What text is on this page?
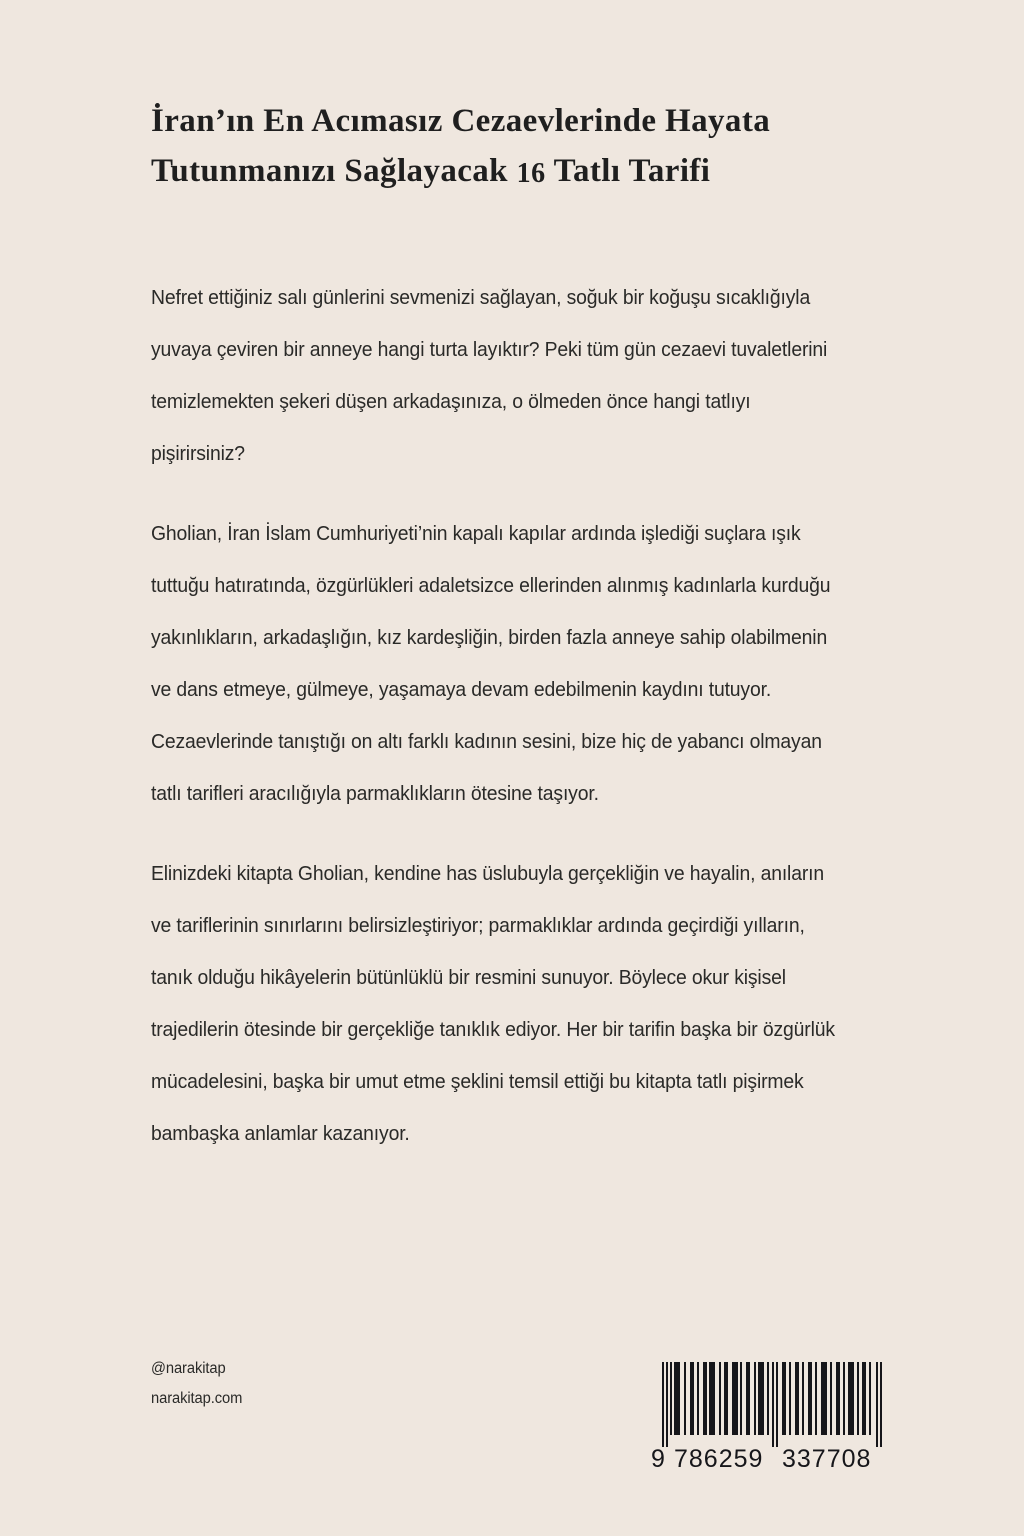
İran’ın En Acımasız Cezaevlerinde Hayata
Tutunmanızı Sağlayacak 16 Tatlı Tarifi

Nefret ettiğiniz salı günlerini sevmenizi sağlayan, soğuk bir koğuşu sıcaklığıyla yuvaya çeviren bir anneye hangi turta layıktır? Peki tüm gün cezaevi tuvaletlerini temizlemekten şekeri düşen arkadaşınıza, o ölmeden önce hangi tatlıyı pişirirsiniz?

Gholian, İran İslam Cumhuriyeti’nin kapalı kapılar ardında işlediği suçlara ışık tuttuğu hatıratında, özgürlükleri adaletsizce ellerinden alınmış kadınlarla kurduğu yakınlıkların, arkadaşlığın, kız kardeşliğin, birden fazla anneye sahip olabilmenin ve dans etmeye, gülmeye, yaşamaya devam edebilmenin kaydını tutuyor. Cezaevlerinde tanıştığı on altı farklı kadının sesini, bize hiç de yabancı olmayan tatlı tarifleri aracılığıyla parmaklıkların ötesine taşıyor.

Elinizdeki kitapta Gholian, kendine has üslubuyla gerçekliğin ve hayalin, anıların ve tariflerinin sınırlarını belirsizleştiriyor; parmaklıklar ardında geçirdiği yılların, tanık olduğu hikâyelerin bütünlüklü bir resmini sunuyor. Böylece okur kişisel trajedilerin ötesinde bir gerçekliğe tanıklık ediyor. Her bir tarifin başka bir özgürlük mücadelesini, başka bir umut etme şeklini temsil ettiği bu kitapta tatlı pişirmek bambaşka anlamlar kazanıyor.

@narakitap
narakitap.com
9 786259 337708
